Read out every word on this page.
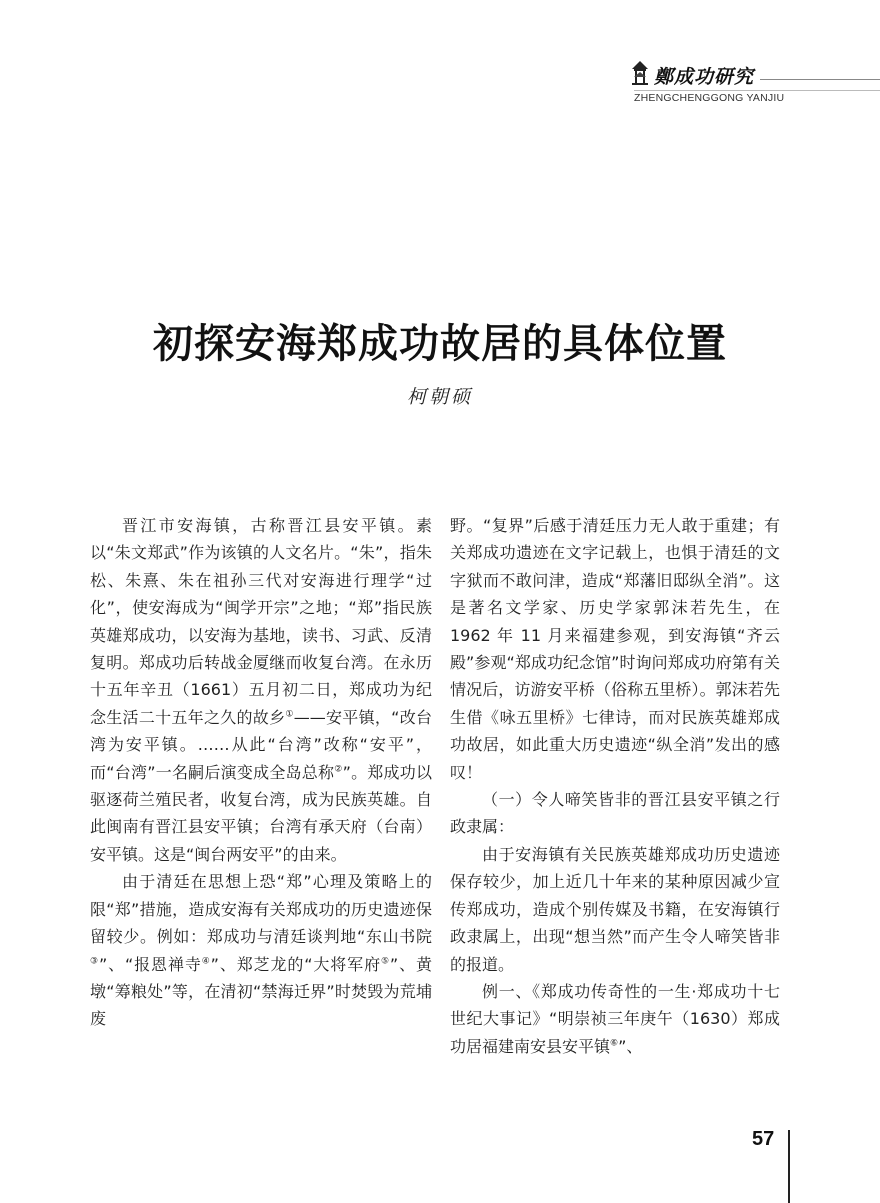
鄭成功研究
ZHENGCHENGGONG YANJIU
初探安海郑成功故居的具体位置
柯朝硕

晋江市安海镇，古称晋江县安平镇。素以“朱文郑武”作为该镇的人文名片。“朱”，指朱松、朱熹、朱在祖孙三代对安海进行理学“过化”，使安海成为“闽学开宗”之地；“郑”指民族英雄郑成功，以安海为基地，读书、习武、反清复明。郑成功后转战金厦继而收复台湾。在永历十五年辛丑（1661）五月初二日，郑成功为纪念生活二十五年之久的故乡①——安平镇，“改台湾为安平镇。……从此“台湾”改称“安平”，而“台湾”一名嗣后演变成全岛总称②”。郑成功以驱逐荷兰殖民者，收复台湾，成为民族英雄。自此闽南有晋江县安平镇；台湾有承天府（台南）安平镇。这是“闽台两安平”的由来。

由于清廷在思想上恐“郑”心理及策略上的限“郑”措施，造成安海有关郑成功的历史遗迹保留较少。例如：郑成功与清廷谈判地“东山书院③”、“报恩禅寺④”、郑芝龙的“大将军府⑤”、黄墩“筹粮处”等，在清初“禁海迁界”时焚毁为荒埔废

野。“复界”后感于清廷压力无人敢于重建；有关郑成功遗迹在文字记载上，也惧于清廷的文字狱而不敢问津，造成“郑藩旧邸纵全消”。这是著名文学家、历史学家郭沫若先生，在 1962 年 11 月来福建参观，到安海镇“齐云殿”参观“郑成功纪念馆”时询问郑成功府第有关情况后，访游安平桥（俗称五里桥）。郭沫若先生借《咏五里桥》七律诗，而对民族英雄郑成功故居，如此重大历史遗迹“纵全消”发出的感叹！

（一）令人啼笑皆非的晋江县安平镇之行政隶属：

由于安海镇有关民族英雄郑成功历史遗迹保存较少，加上近几十年来的某种原因减少宣传郑成功，造成个别传媒及书籍，在安海镇行政隶属上，出现“想当然”而产生令人啼笑皆非的报道。

例一、《郑成功传奇性的一生·郑成功十七世纪大事记》“明崇祯三年庚午（1630）郑成功居福建南安县安平镇⑥”、

57
